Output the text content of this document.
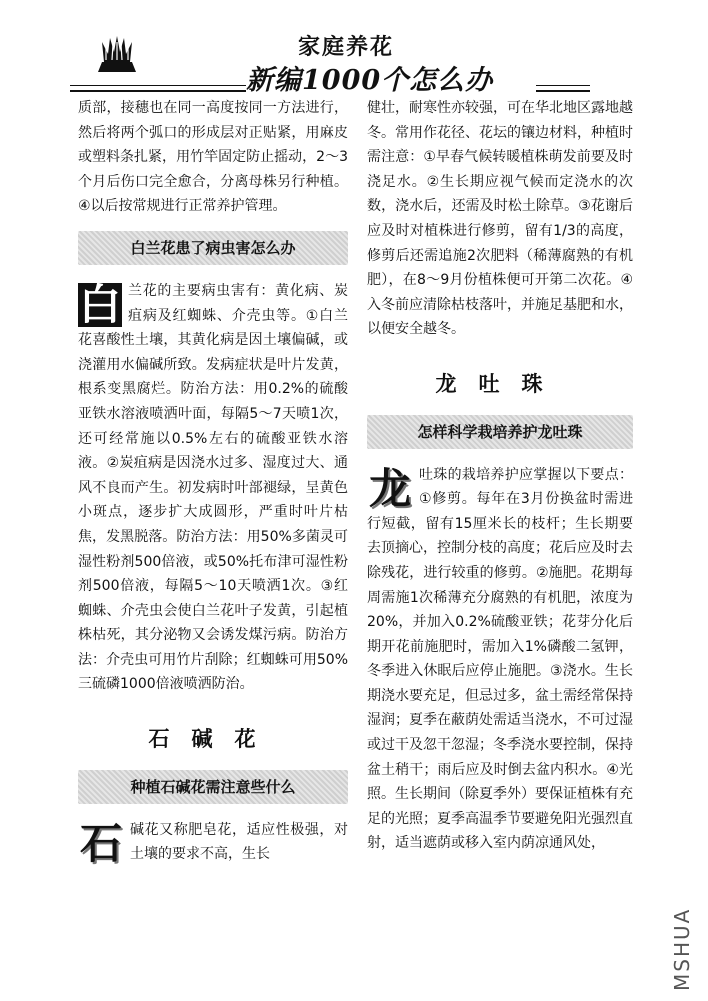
家庭养花
新编1000个怎么办

质部，接穗也在同一高度按同一方法进行，然后将两个弧口的形成层对正贴紧，用麻皮或塑料条扎紧，用竹竿固定防止摇动，2～3个月后伤口完全愈合，分离母株另行种植。④以后按常规进行正常养护管理。

白兰花患了病虫害怎么办

白 兰花的主要病虫害有：黄化病、炭疽病及红蜘蛛、介壳虫等。①白兰花喜酸性土壤，其黄化病是因土壤偏碱，或浇灌用水偏碱所致。发病症状是叶片发黄，根系变黑腐烂。防治方法：用0.2%的硫酸亚铁水溶液喷洒叶面，每隔5～7天喷1次，还可经常施以0.5%左右的硫酸亚铁水溶液。②炭疽病是因浇水过多、湿度过大、通风不良而产生。初发病时叶部褪绿，呈黄色小斑点，逐步扩大成圆形，严重时叶片枯焦，发黑脱落。防治方法：用50%多菌灵可湿性粉剂500倍液，或50%托布津可湿性粉剂500倍液，每隔5～10天喷洒1次。③红蜘蛛、介壳虫会使白兰花叶子发黄，引起植株枯死，其分泌物又会诱发煤污病。防治方法：介壳虫可用竹片刮除；红蜘蛛可用50%三硫磷1000倍液喷洒防治。

石碱花
种植石碱花需注意些什么

石 碱花又称肥皂花，适应性极强，对土壤的要求不高，生长

健壮，耐寒性亦较强，可在华北地区露地越冬。常用作花径、花坛的镶边材料，种植时需注意：①早春气候转暖植株萌发前要及时浇足水。②生长期应视气候而定浇水的次数，浇水后，还需及时松土除草。③花谢后应及时对植株进行修剪，留有1/3的高度，修剪后还需追施2次肥料（稀薄腐熟的有机肥），在8～9月份植株便可开第二次花。④入冬前应清除枯枝落叶，并施足基肥和水，以便安全越冬。

龙吐珠
怎样科学栽培养护龙吐珠

龙 吐珠的栽培养护应掌握以下要点：①修剪。每年在3月份换盆时需进行短截，留有15厘米长的枝杆；生长期要去顶摘心，控制分枝的高度；花后应及时去除残花，进行较重的修剪。②施肥。花期每周需施1次稀薄充分腐熟的有机肥，浓度为20%，并加入0.2%硫酸亚铁；花芽分化后期开花前施肥时，需加入1%磷酸二氢钾，冬季进入休眠后应停止施肥。③浇水。生长期浇水要充足，但忌过多，盆土需经常保持湿润；夏季在蔽荫处需适当浇水，不可过湿或过干及忽干忽湿；冬季浇水要控制，保持盆土稍干；雨后应及时倒去盆内积水。④光照。生长期间（除夏季外）要保证植株有充足的光照；夏季高温季节要避免阳光强烈直射，适当遮荫或移入室内荫凉通风处，

MSHUA
